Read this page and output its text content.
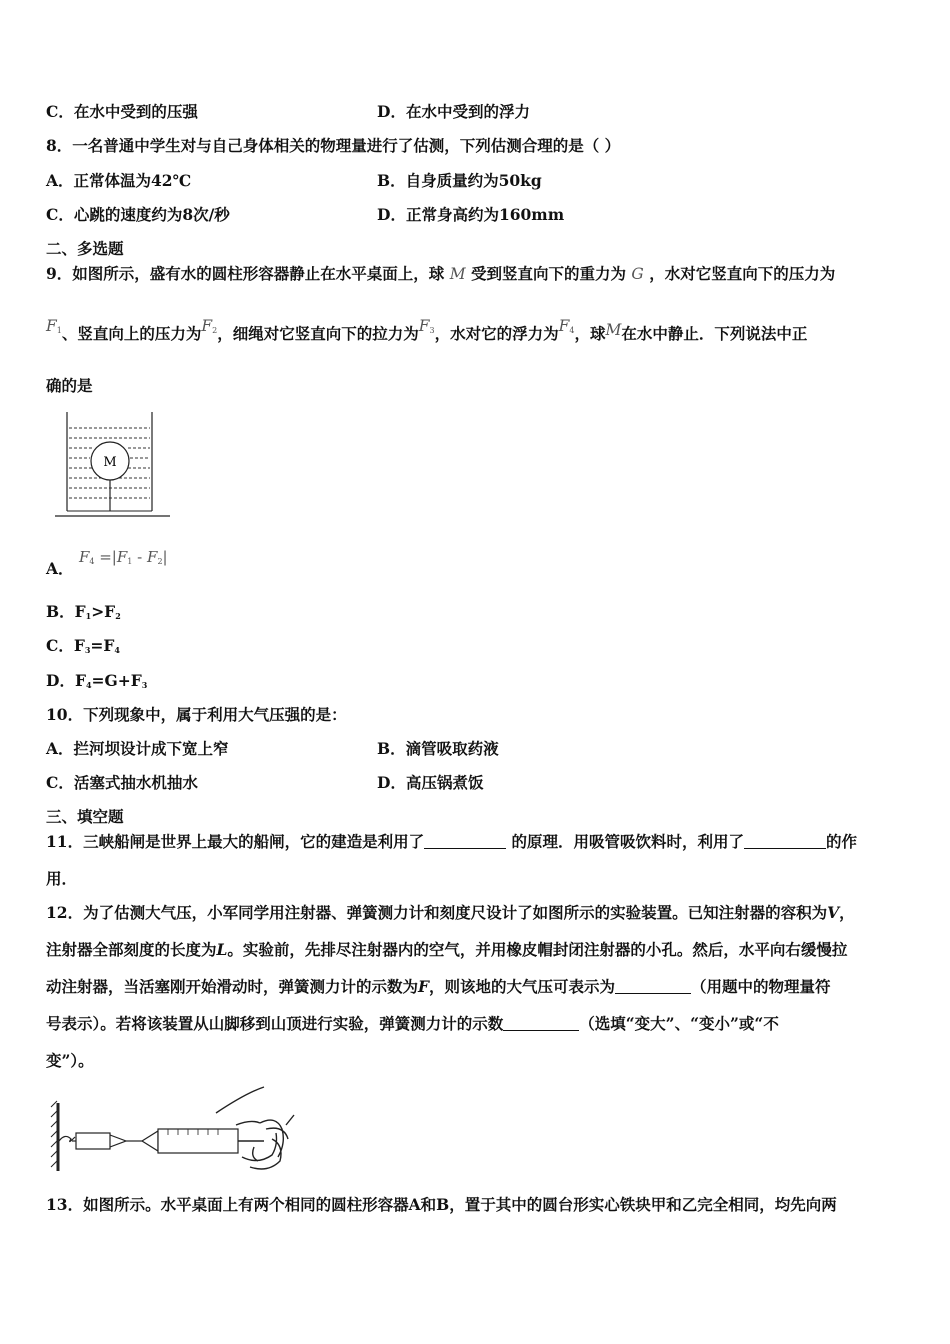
C．在水中受到的压强	D．在水中受到的浮力
8．一名普通中学生对与自己身体相关的物理量进行了估测，下列估测合理的是（ ）
A．正常体温为42℃	B．自身质量约为50kg
C．心跳的速度约为8次/秒	D．正常身高约为160mm
二、多选题
9．如图所示，盛有水的圆柱形容器静止在水平桌面上，球 M 受到竖直向下的重力为 G ，水对它竖直向下的压力为
$F_1$、竖直向上的压力为$F_2$，细绳对它竖直向下的拉力为$F_3$，水对它的浮力为$F_4$，球M在水中静止．下列说法中正
确的是
M
A． $F_4 =|F_1 - F_2|$
B．$F_1>F_2$
C．$F_3=F_4$
D．$F_4=G+F_3$
10．下列现象中，属于利用大气压强的是：
A．拦河坝设计成下宽上窄	B．滴管吸取药液
C．活塞式抽水机抽水	D．高压锅煮饭
三、填空题
11．三峡船闸是世界上最大的船闸，它的建造是利用了	的原理．用吸管吸饮料时，利用了	的作
用．
12．为了估测大气压，小军同学用注射器、弹簧测力计和刻度尺设计了如图所示的实验装置。已知注射器的容积为V，
注射器全部刻度的长度为L。实验前，先排尽注射器内的空气，并用橡皮帽封闭注射器的小孔。然后，水平向右缓慢拉
动注射器，当活塞刚开始滑动时，弹簧测力计的示数为F，则该地的大气压可表示为	（用题中的物理量符
号表示）。若将该装置从山脚移到山顶进行实验，弹簧测力计的示数	（选填“变大”、“变小”或“不
变”）。
13．如图所示。水平桌面上有两个相同的圆柱形容器A和B，置于其中的圆台形实心铁块甲和乙完全相同，均先向两
